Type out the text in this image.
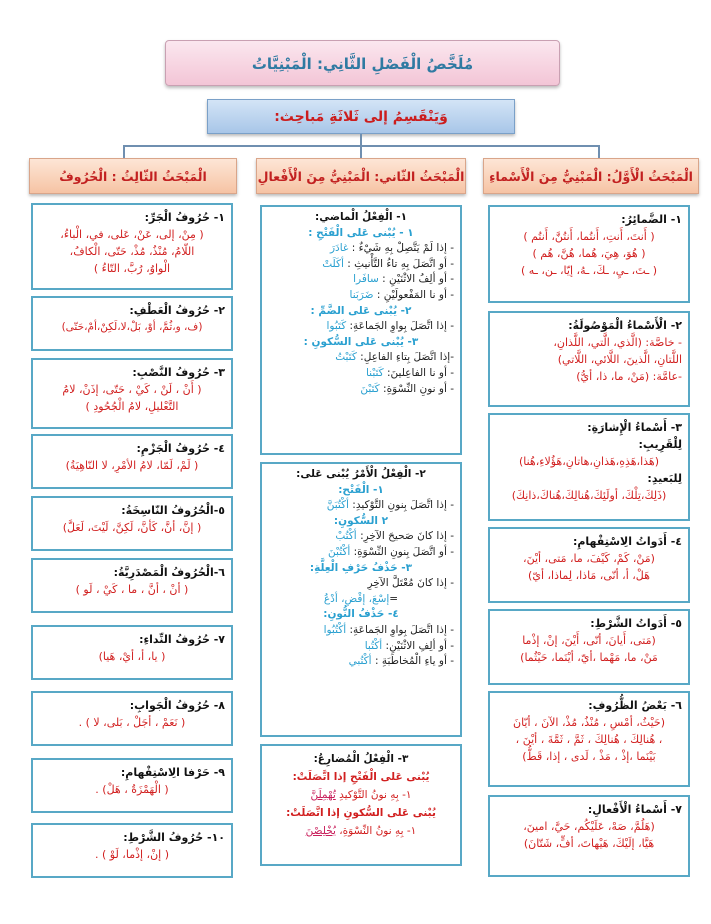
مُلَخَّصُ الْفَصْلِ الثَّانِي: الْمَبْنِيَّاتُ
وَيَنْقَسِمُ إلى ثَلاثَةِ مَباحِث:
الْمَبْحَثُ الْأَوَّلُ: الْمَبْنِيُّ مِنَ الْأَسْماءِ
الْمَبْحَثُ الثّاني: الْمَبْنِيُّ مِنَ الْأَفْعالِ
الْمَبْحَثُ الثّالِثُ : الْحُرُوفُ
١- الضَّمائِرُ:
( أَنتَ، أَنتِ، أَنتُما، أَنتُنَّ، أَنتُم )
( هُوَ، هِيَ، هُما، هُنَّ، هُم )
( ـتَ، ـيِ، ـكَ، ـهُ، إيّا، ـن، ـه )
٢- الْأَسْماءُ الْمَوْصُولَةُ:
- خاصَّة: (الَّذي، الَّتي، اللَّذانِ،
اللَّتانِ، الَّذينَ، اللَّائي، اللَّاتي)
-عامَّة: (مَنْ، ما، ذا، أيُّ)
٣- أَسْماءُ الْإِشارَةِ:
لِلْقَرِيبِ:
(هَذا،هَذِهِ،هَذانِ،هاتانِ،هَؤُلاءِ،هُنا)
لِلبَعيدِ:
(ذَلِكَ،تِلْكَ، أولَئِكَ،هُنالِكَ،هُناكَ،ذانِكَ)
٤- أَدَواتُ الِاسْتِفْهامِ:
(مَنْ، كَمْ، كَيْفَ، ما، مَتى، أيْنَ،
هَلْ، أ، أنّى، مَاذا، لِماذا، أيّ)
٥- أَدَواتُ الشَّرْطِ:
(مَتى، أَيانَ، أنّى، أَيْنَ، إنْ، إذْما
مَنْ، ما، مَهْما ،أيّ، أيْنَما، حَيْثُما)
٦- بَعْضُ الظُّرُوفِ:
(حَيْثُ، أمْسِ ، مُنْذُ، مُذْ، الآنَ ، أيّانَ
، هُنالِكَ ، هُنالِكَ ، ثَمَّ ، ثَمَّةَ ، أيْنَ ،
بَيْنَما ،إذْ ، مَذْ ، لَدى ، إذا، قَطُّ)
٧- أَسْماءُ الْأَفْعالِ:
(هَلُمَّ، صَهْ، عَلَيْكُم، حَيَّ، امينَ،
هَيَّا، إلَيْكَ، هَيْهاتَ، أفٍّ، شَتّانَ)
١- الْفِعْلُ الْماضي:
١ - يُبْنى عَلى الْفَتْحِ :
- إذا لَمْ يَتَّصِلْ بِهِ شَيْءٌ : غادَرَ
- أو اتَّصَلَ بِهِ تاءُ التَّأْنيثِ : أكَلَتْ
- أو ألِفُ الاثْنَيْنِ : سافَرا
- أو نا المَفْعولَيْنِ : ضَرَبَنا
٢- يُبْنى عَلى الضَّمِّ :
- إذا اتَّصَلَ بِواوِ الجَماعَةِ: كَتَبُوا
٣- يُبْنى عَلى السُّكونِ :
-إذا اتَّصَلَ بِتاءِ الفاعِلِ: كَتَبْتُ
- أو نا الفاعِلينَ: كَتَبْنا
- أو نونِ النِّسْوَةِ: كَتَبْنَ
٢- الْفِعْلُ الْأَمْرُ يُبْنى عَلى:
١- الْفَتْح:
- إذا اتَّصَلَ بِنونِ التَّوْكيدِ: أكْتُبَنَّ
٢ السُّكونِ:
- إذا كانَ صَحيحَ الآخِرِ: أكْتُبْ
- أو اتَّصَلَ بِنونِ النِّسْوَةِ: أكْتُبْنَ
٣- حَذْفُ حَرْفِ الْعِلَّةِ:
- إذا كانَ مُعْتَلَّ الآخِرِ
=إسْعَ، إقْضِ، أدْعُ
٤- حَذْفُ النُّونِ:
- إذا اتَّصَلَ بِواوِ الجَماعَةِ: أكْتُبُوا
- أو ألِفِ الاثْنَيْنِ: أكْتُبا
- أو ياءِ الْمُخاطَبَةِ : أكْتُبي
٣- الْفِعْلُ الْمُضارِعُ:
يُبْنى عَلى الْفَتْحِ إذا اتَّصَلَتْ:
١- بِهِ نونُ التَّوْكيدِ تُهْمِلَنَّ
يُبْنى عَلى السُّكونِ إذا اتَّصَلَتْ:
١- بِهِ نونُ النِّسْوَةِ، يُخْلِصْنَ
١- حُرُوفُ الْجَرِّ:
( مِنْ، إلى، عَنْ، عَلى، في، الْباءُ،
اللّامُ، مُنْذُ، مُذْ، حَتّى، الْكافُ،
الْواوُ، رُبَّ، التّاءُ )
٢- حُرُوفُ الْعَطْفِ:
(ف، و،ثُمَّ، أوْ، بَلْ،لا،لَكِنْ،أمْ،حَتّى)
٣- حُرُوفُ النَّصْبِ:
( أَنْ ، لَنْ ، كَيْ ، حَتّى، إذَنْ، لامُ
التَّعْليلِ، لامُ الْجُحُودِ )
٤- حُرُوفُ الْجَزْمِ:
( لَمْ، لَمّا، لامُ الأمْرِ، لا النّاهِيَةُ)
٥-الْحُرُوفُ النّاسِخَةُ:
( إنَّ، أنَّ، كَأنَّ، لَكِنَّ، لَيْتَ، لَعَلَّ)
٦-الْحُرُوفُ الْمَصْدَرِيَّةُ:
( أنْ ، أنَّ ، ما ، كَيْ ، لَو )
٧- حُرُوفُ النِّداءِ:
( يا، أ، أيْ، هَيا)
٨- حُرُوفُ الْجَوابِ:
( نَعَمْ ، أجَلْ ، بَلى، لا ) .
٩- حَرْفا الِاسْتِفْهامِ:
( الْهَمْزَةُ ، هَلْ) .
١٠- حُرُوفُ الشَّرْطِ:
( إنْ، إذْما، لَوْ ) .
